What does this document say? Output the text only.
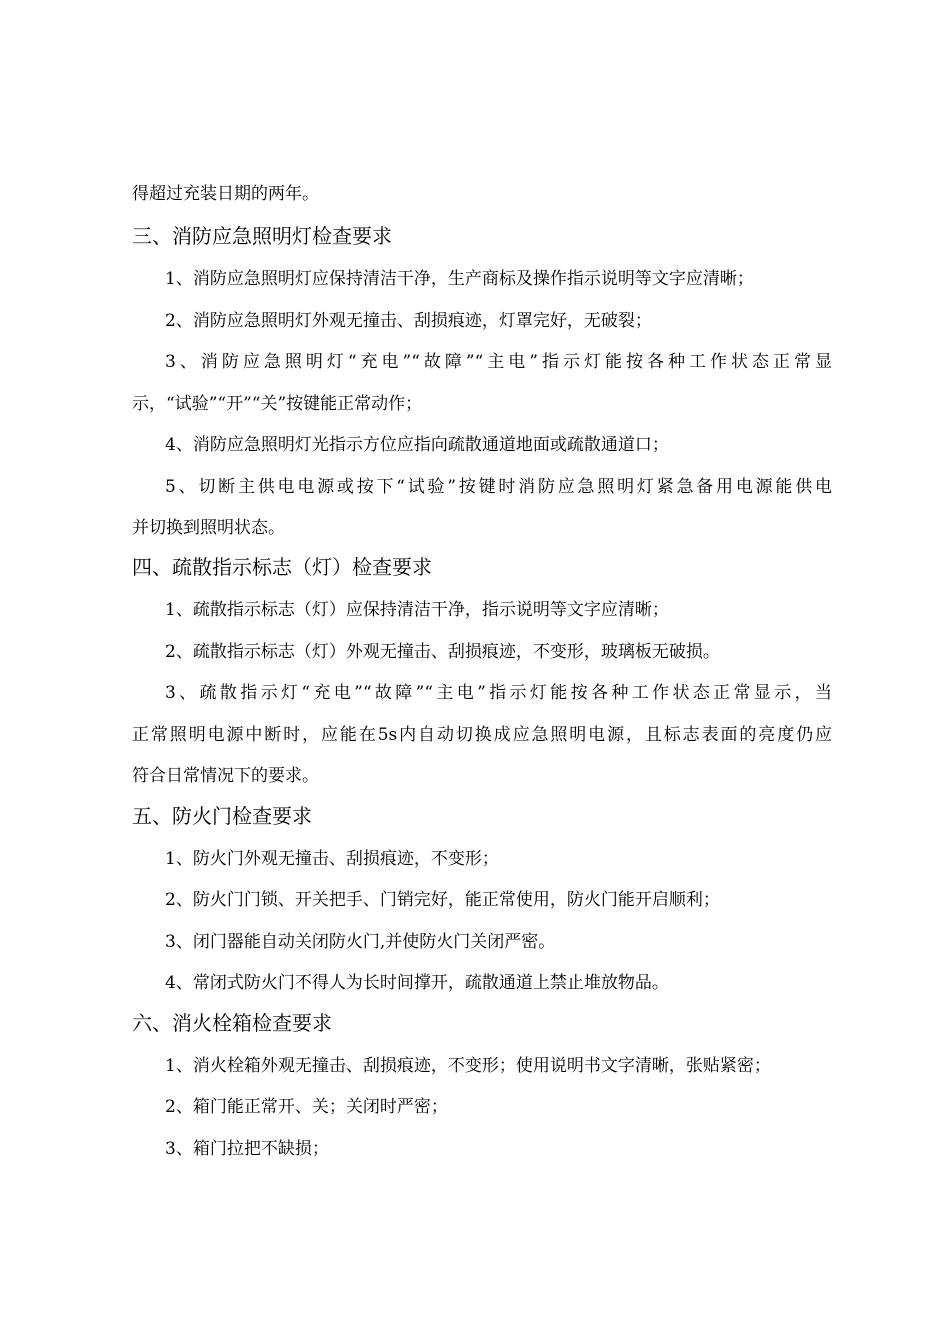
得超过充装日期的两年。

三、消防应急照明灯检查要求

1、消防应急照明灯应保持清洁干净，生产商标及操作指示说明等文字应清晰；

2、消防应急照明灯外观无撞击、刮损痕迹，灯罩完好，无破裂；

3、消防应急照明灯“充电”“故障”“主电”指示灯能按各种工作状态正常显

示，“试验”“开”“关”按键能正常动作；

4、消防应急照明灯光指示方位应指向疏散通道地面或疏散通道口；

5、切断主供电电源或按下“试验”按键时消防应急照明灯紧急备用电源能供电

并切换到照明状态。

四、疏散指示标志（灯）检查要求

1、疏散指示标志（灯）应保持清洁干净，指示说明等文字应清晰；

2、疏散指示标志（灯）外观无撞击、刮损痕迹，不变形，玻璃板无破损。

3、疏散指示灯“充电”“故障”“主电”指示灯能按各种工作状态正常显示，当

正常照明电源中断时，应能在5s内自动切换成应急照明电源，且标志表面的亮度仍应

符合日常情况下的要求。

五、防火门检查要求

1、防火门外观无撞击、刮损痕迹，不变形；

2、防火门门锁、开关把手、门销完好，能正常使用，防火门能开启顺利；

3、闭门器能自动关闭防火门,并使防火门关闭严密。

4、常闭式防火门不得人为长时间撑开，疏散通道上禁止堆放物品。

六、消火栓箱检查要求

1、消火栓箱外观无撞击、刮损痕迹，不变形；使用说明书文字清晰，张贴紧密；

2、箱门能正常开、关；关闭时严密；

3、箱门拉把不缺损；
